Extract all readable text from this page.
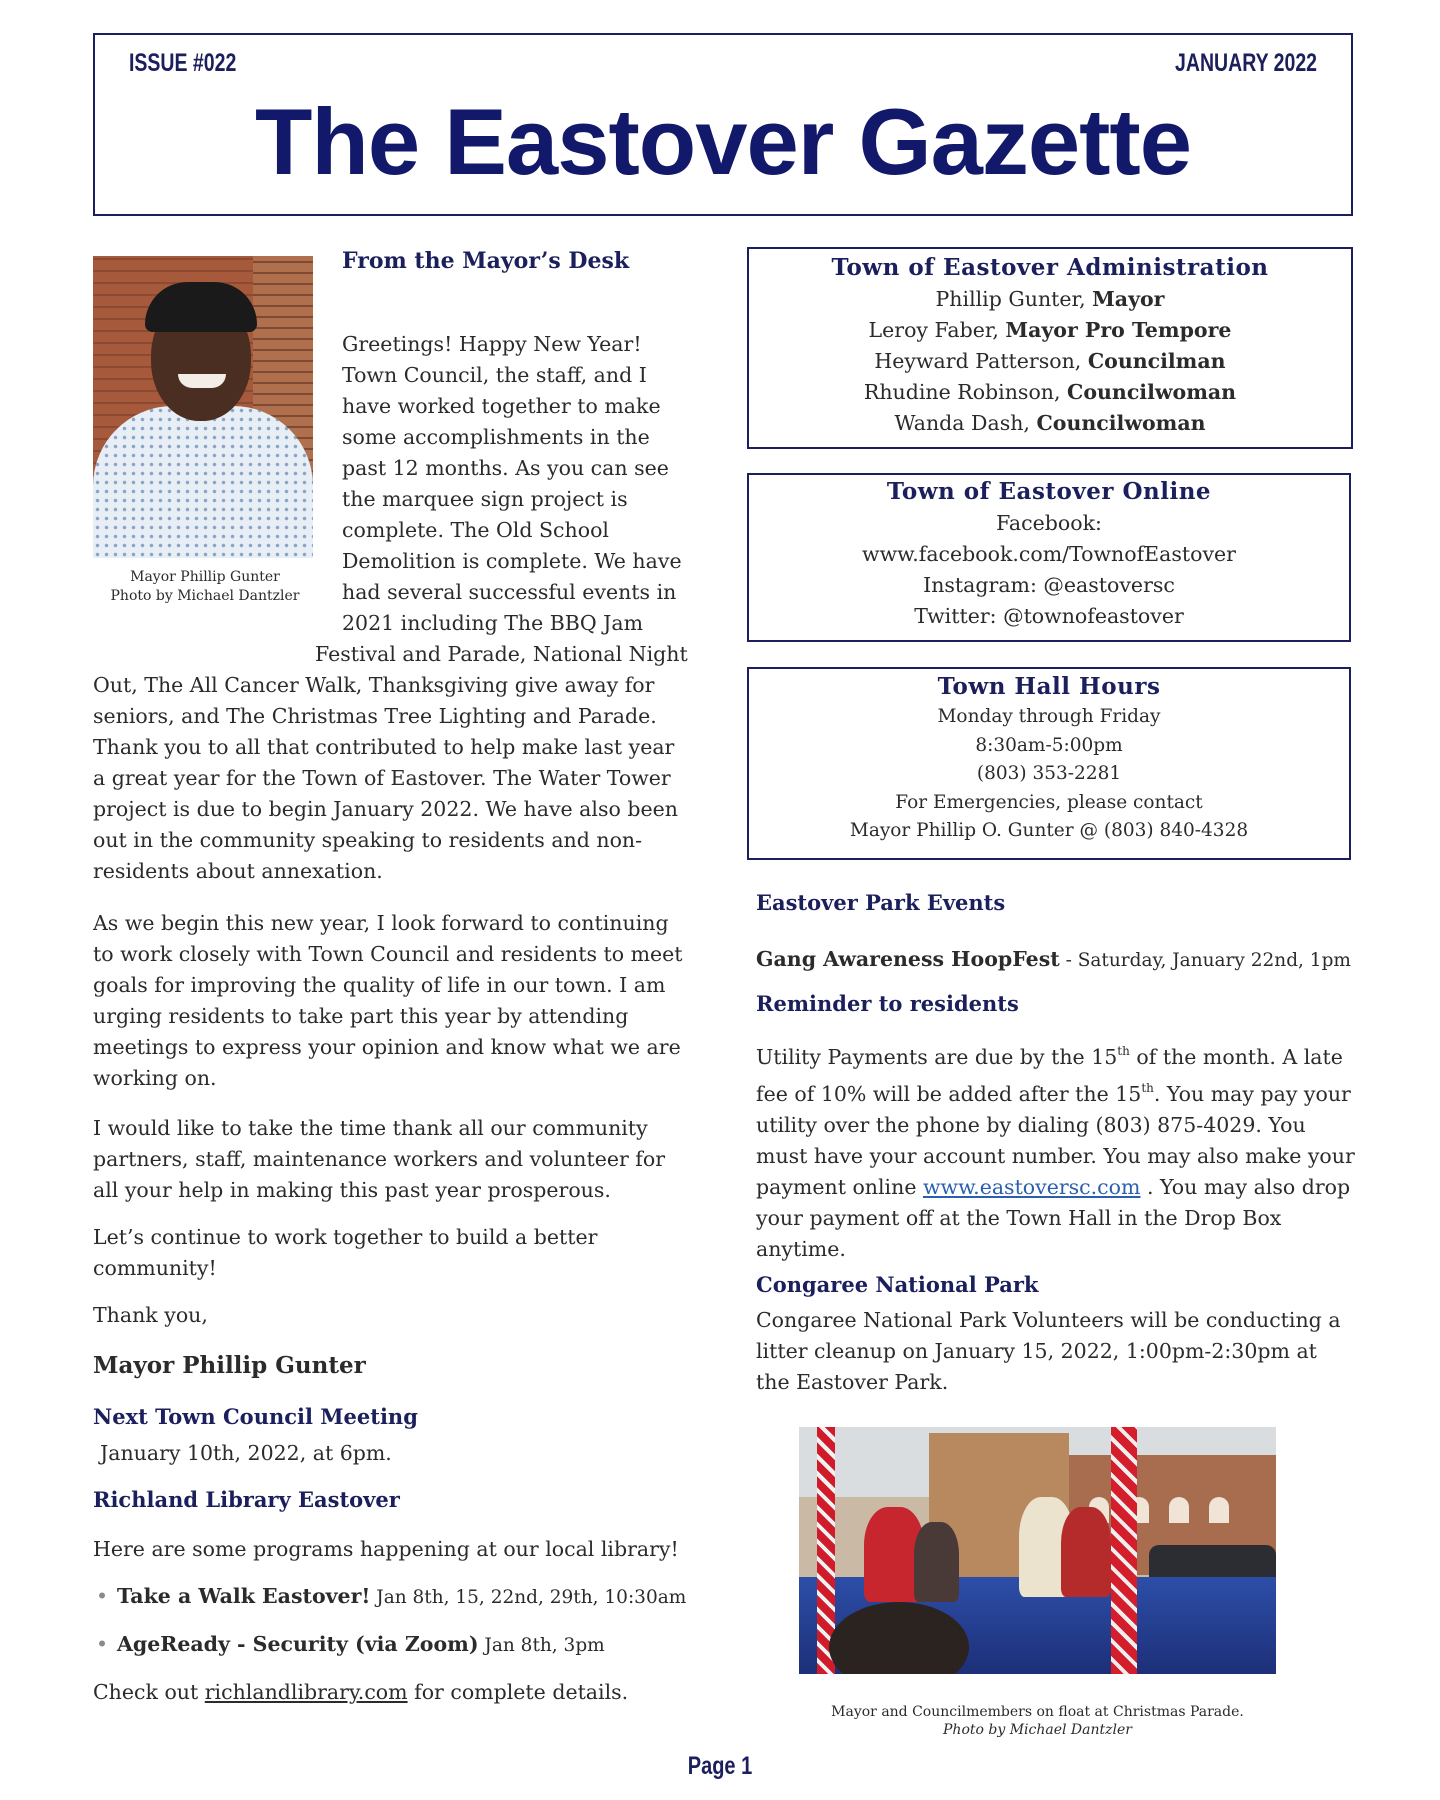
ISSUE #022	JANUARY 2022
The Eastover Gazette
Mayor Phillip Gunter
Photo by Michael Dantzler
From the Mayor’s Desk
Greetings! Happy New Year!
Town Council, the staff, and I
have worked together to make
some accomplishments in the
past 12 months. As you can see
the marquee sign project is
complete. The Old School
Demolition is complete. We have
had several successful events in
2021 including The BBQ Jam

Festival and Parade, National Night Out, The All Cancer Walk, Thanksgiving give away for seniors, and The Christmas Tree Lighting and Parade. Thank you to all that contributed to help make last year a great year for the Town of Eastover. The Water Tower project is due to begin January 2022. We have also been out in the community speaking to residents and non-residents about annexation.

As we begin this new year, I look forward to continuing to work closely with Town Council and residents to meet goals for improving the quality of life in our town. I am urging residents to take part this year by attending meetings to express your opinion and know what we are working on.

I would like to take the time thank all our community partners, staff, maintenance workers and volunteer for all your help in making this past year prosperous.

Let’s continue to work together to build a better community!

Thank you,

Mayor Phillip Gunter

Next Town Council Meeting

January 10th, 2022, at 6pm.

Richland Library Eastover

Here are some programs happening at our local library!

• Take a Walk Eastover! Jan 8th, 15, 22nd, 29th, 10:30am
• AgeReady - Security (via Zoom) Jan 8th, 3pm

Check out richlandlibrary.com for complete details.

Town of Eastover Administration
Phillip Gunter, Mayor
Leroy Faber, Mayor Pro Tempore
Heyward Patterson, Councilman
Rhudine Robinson, Councilwoman
Wanda Dash, Councilwoman
Town of Eastover Online
Facebook:
www.facebook.com/TownofEastover
Instagram: @eastoversc
Twitter: @townofeastover
Town Hall Hours
Monday through Friday
8:30am-5:00pm
(803) 353-2281
For Emergencies, please contact
Mayor Phillip O. Gunter @ (803) 840-4328
Eastover Park Events

Gang Awareness HoopFest - Saturday, January 22nd, 1pm

Reminder to residents

Utility Payments are due by the 15th of the month. A late fee of 10% will be added after the 15th. You may pay your utility over the phone by dialing (803) 875-4029. You must have your account number. You may also make your payment online www.eastoversc.com . You may also drop your payment off at the Town Hall in the Drop Box anytime.

Congaree National Park

Congaree National Park Volunteers will be conducting a litter cleanup on January 15, 2022, 1:00pm-2:30pm at the Eastover Park.

Mayor and Councilmembers on float at Christmas Parade.
Photo by Michael Dantzler
Page 1
